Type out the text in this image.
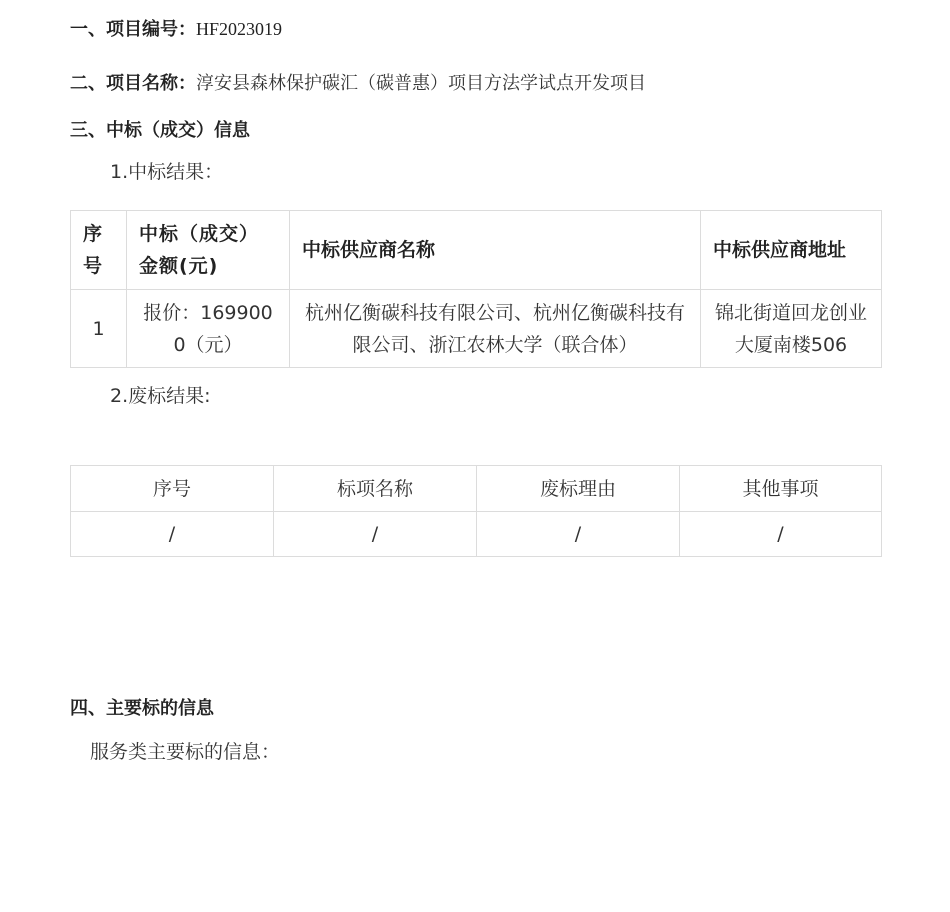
一、项目编号：HF2023019
二、项目名称：淳安县森林保护碳汇（碳普惠）项目方法学试点开发项目
三、中标（成交）信息
1.中标结果：
序号	中标（成交）金额(元)	中标供应商名称	中标供应商地址
1	报价：1699000（元）	杭州亿衡碳科技有限公司、杭州亿衡碳科技有限公司、浙江农林大学（联合体）	锦北街道回龙创业大厦南楼506
2.废标结果:
序号	标项名称	废标理由	其他事项
/	/	/	/
四、主要标的信息
服务类主要标的信息：
